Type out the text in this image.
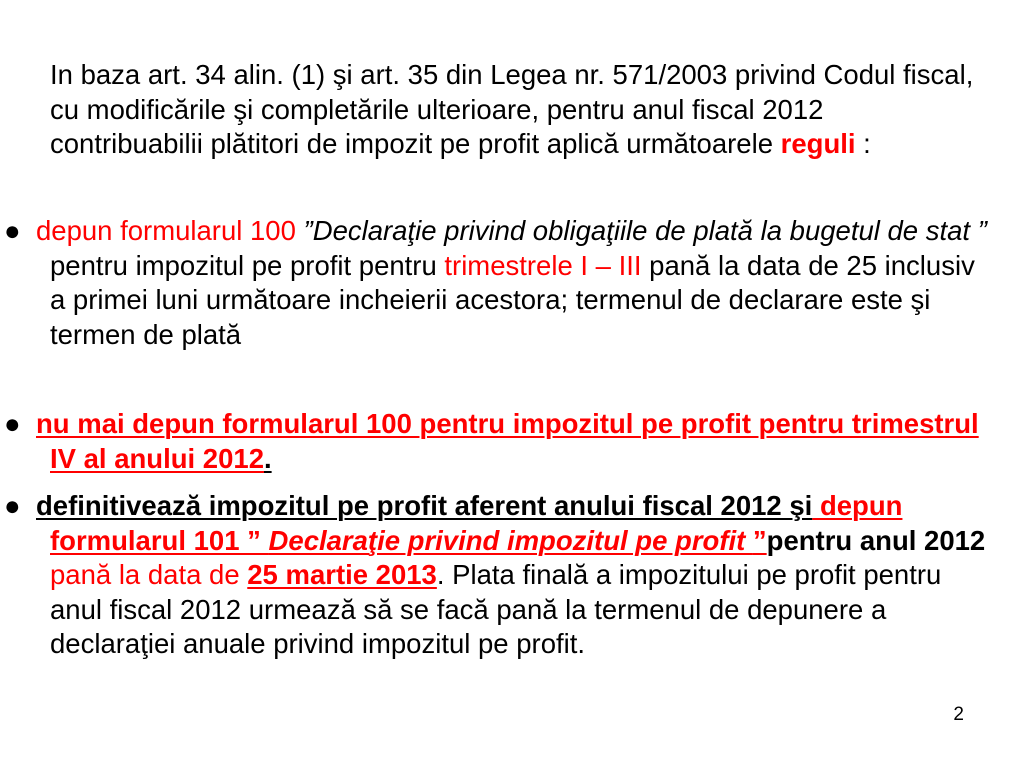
In baza art. 34 alin. (1) şi art. 35 din Legea nr. 571/2003 privind Codul fiscal, cu modificările şi completările ulterioare, pentru anul fiscal 2012 contribuabilii plătitori de impozit pe profit aplică următoarele reguli :
● depun formularul 100 ”Declaraţie privind obligaţiile de plată la bugetul de stat ” pentru impozitul pe profit pentru trimestrele I – III pană la data de 25 inclusiv a primei luni următoare incheierii acestora; termenul de declarare este şi termen de plată
● nu mai depun formularul 100 pentru impozitul pe profit pentru trimestrul IV al anului 2012.
● definitivează impozitul pe profit aferent anului fiscal 2012 şi depun formularul 101 ” Declaraţie privind impozitul pe profit ”pentru anul 2012 pană la data de 25 martie 2013. Plata finală a impozitului pe profit pentru anul fiscal 2012 urmează să se facă pană la termenul de depunere a declaraţiei anuale privind impozitul pe profit.
2
